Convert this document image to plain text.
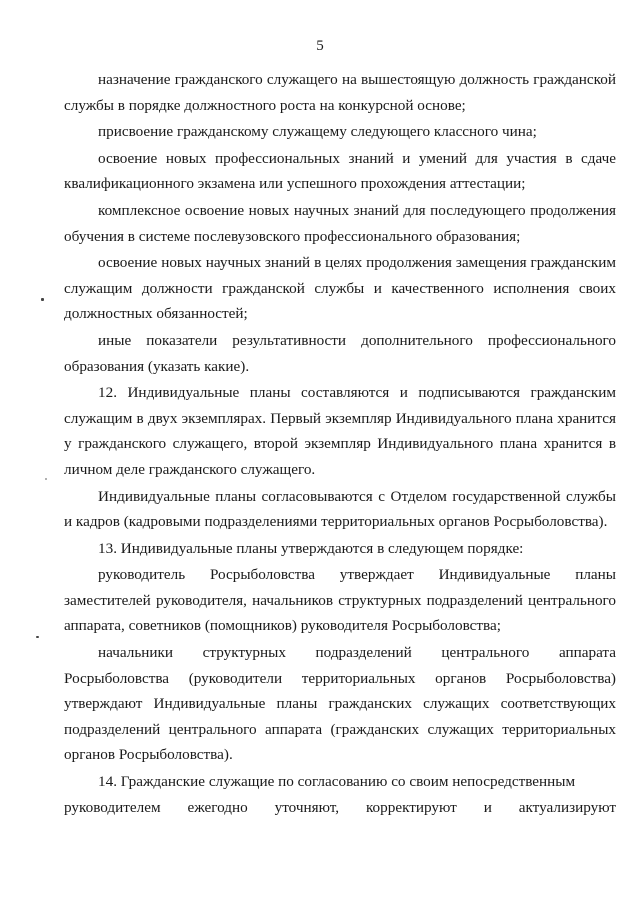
5

назначение гражданского служащего на вышестоящую должность гражданской службы в порядке должностного роста на конкурсной основе;

присвоение гражданскому служащему следующего классного чина;

освоение новых профессиональных знаний и умений для участия в сдаче квалификационного экзамена или успешного прохождения аттестации;

комплексное освоение новых научных знаний для последующего продолжения обучения в системе послевузовского профессионального образования;

освоение новых научных знаний в целях продолжения замещения гражданским служащим должности гражданской службы и качественного исполнения своих должностных обязанностей;

иные показатели результативности дополнительного профессионального образования (указать какие).

12. Индивидуальные планы составляются и подписываются гражданским служащим в двух экземплярах. Первый экземпляр Индивидуального плана хранится у гражданского служащего, второй экземпляр Индивидуального плана хранится в личном деле гражданского служащего.

Индивидуальные планы согласовываются с Отделом государственной службы и кадров (кадровыми подразделениями территориальных органов Росрыболовства).

13. Индивидуальные планы утверждаются в следующем порядке:

руководитель Росрыболовства утверждает Индивидуальные планы заместителей руководителя, начальников структурных подразделений центрального аппарата, советников (помощников) руководителя Росрыболовства;

начальники структурных подразделений центрального аппарата Росрыболовства (руководители территориальных органов Росрыболовства) утверждают Индивидуальные планы гражданских служащих соответствующих подразделений центрального аппарата (гражданских служащих территориальных органов Росрыболовства).

14. Гражданские служащие по согласованию со своим непосредственным

руководителем ежегодно уточняют, корректируют и актуализируют
